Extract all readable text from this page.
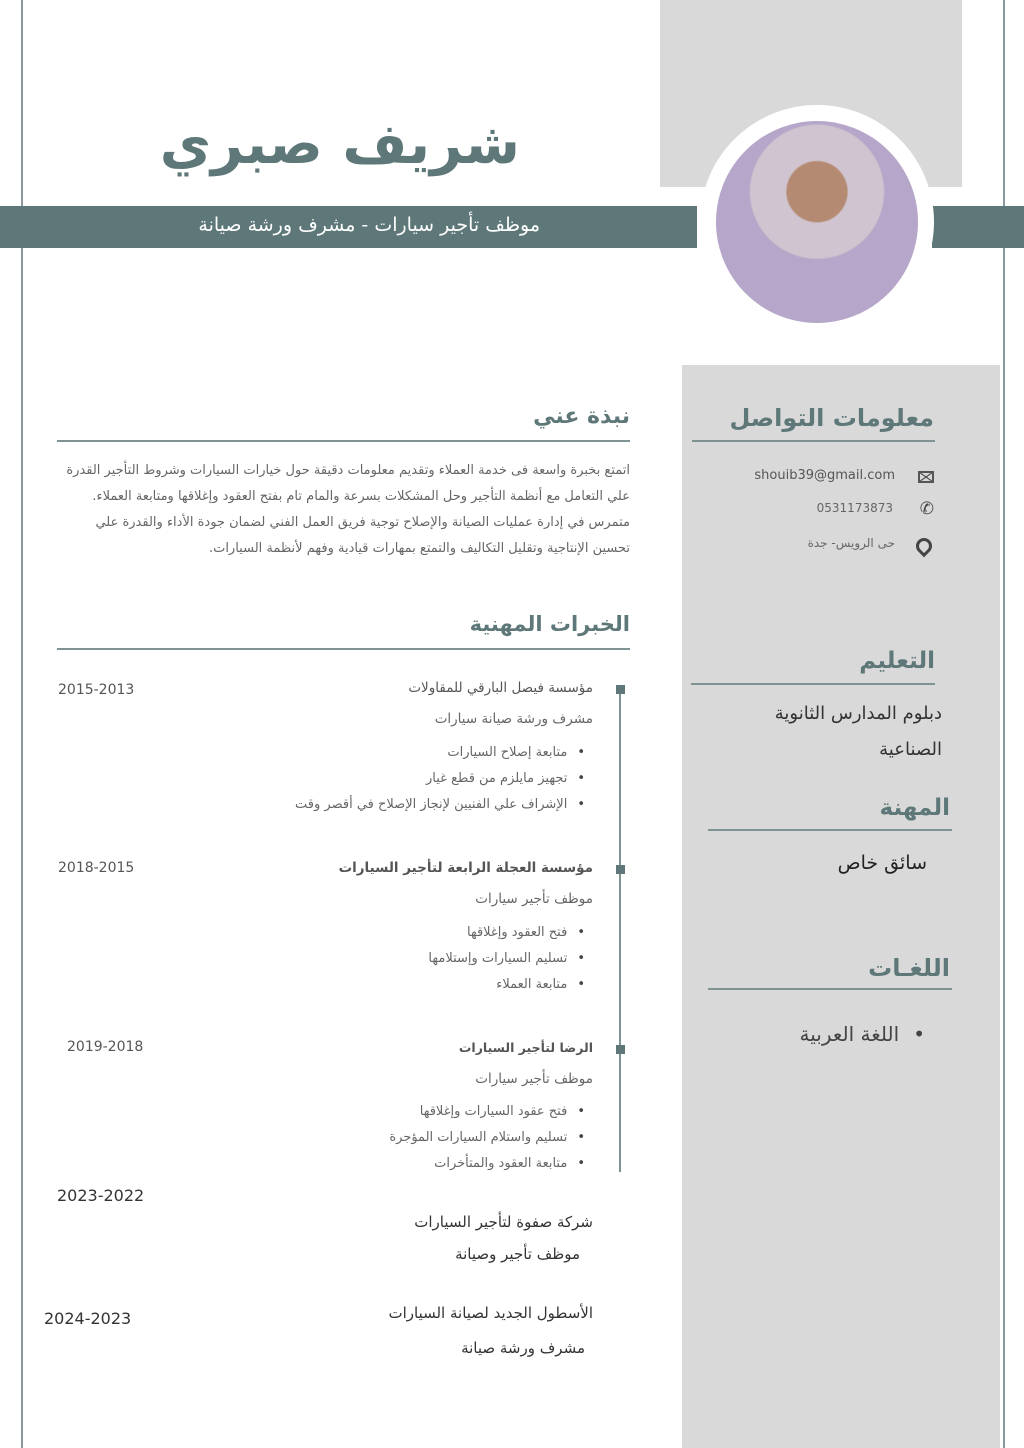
شريف صبري
موظف تأجير سيارات - مشرف ورشة صيانة
نبذة عني

اتمتع بخبرة واسعة فى خدمة العملاء وتقديم معلومات دقيقة حول خيارات السيارات وشروط التأجير القدرة علي التعامل مع أنظمة التأجير وحل المشكلات بسرعة والمام تام بفتح العقود وإغلاقها ومتابعة العملاء.

متمرس في إدارة عمليات الصيانة والإصلاح توجية فريق العمل الفني لضمان جودة الأداء والقدرة علي تحسين الإنتاجية وتقليل التكاليف والتمتع بمهارات قيادية وفهم لأنظمة السيارات.

الخبرات المهنية
مؤسسة فيصل البارقي للمقاولات
2015-2013
مشرف ورشة صيانة سيارات
• متابعة إصلاح السيارات
• تجهيز مايلزم من قطع غيار
• الإشراف علي الفنيين لإنجاز الإصلاح في أقصر وقت
مؤسسة العجلة الرابعة لتأجير السيارات
2018-2015
موظف تأجير سيارات
• فتح العقود وإغلاقها
• تسليم السيارات وإستلامها
• متابعة العملاء
الرضا لتأجير السيارات
2019-2018
موظف تأجير سيارات
• فتح عقود السيارات وإغلاقها
• تسليم واستلام السيارات المؤجرة
• متابعة العقود والمتأخرات
شركة صفوة لتأجير السيارات
2023-2022
موظف تأجير وصيانة
الأسطول الجديد لصيانة السيارات
2024-2023
مشرف ورشة صيانة
معلومات التواصل
shouib39@gmail.com
0531173873 ✆
حى الرويس- جدة
التعليم
دبلوم المدارس الثانوية الصناعية
المهنة
سائق خاص
اللغـات
•اللغة العربية
